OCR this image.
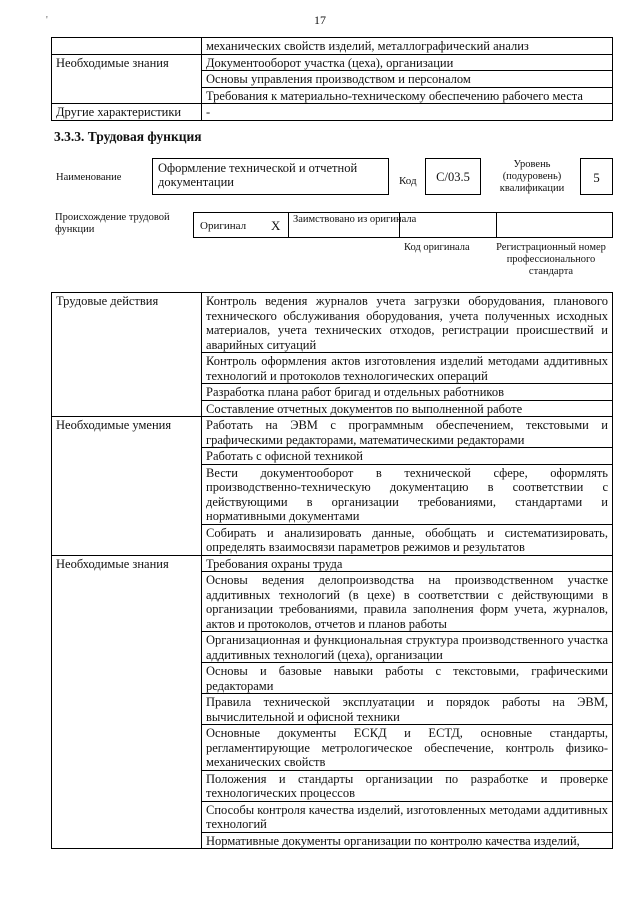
'	17
	механических свойств изделий, металлографический анализ
Необходимые знания	Документооборот участка (цеха), организации
	Основы управления производством и персоналом
	Требования к материально-техническому обеспечению рабочего места
Другие характеристики	-
3.3.3. Трудовая функция
Наименование
Оформление технической и отчетной документации	Код	C/03.5
Уровень (подуровень) квалификации
5
Происхождение трудовой функции	Оригинал X Заимствовано из оригинала
Код оригинала	Регистрационный номер профессионального стандарта
Трудовые действия	Контроль ведения журналов учета загрузки оборудования, планового технического обслуживания оборудования, учета полученных исходных материалов, учета технических отходов, регистрации происшествий и аварийных ситуаций
	Контроль оформления актов изготовления изделий методами аддитивных технологий и протоколов технологических операций
	Разработка плана работ бригад и отдельных работников
	Составление отчетных документов по выполненной работе
Необходимые умения	Работать на ЭВМ с программным обеспечением, текстовыми и графическими редакторами, математическими редакторами
	Работать с офисной техникой
	Вести документооборот в технической сфере, оформлять производственно-техническую документацию в соответствии с действующими в организации требованиями, стандартами и нормативными документами
	Собирать и анализировать данные, обобщать и систематизировать, определять взаимосвязи параметров режимов и результатов
Необходимые знания	Требования охраны труда
	Основы ведения делопроизводства на производственном участке аддитивных технологий (в цехе) в соответствии с действующими в организации требованиями, правила заполнения форм учета, журналов, актов и протоколов, отчетов и планов работы
	Организационная и функциональная структура производственного участка аддитивных технологий (цеха), организации
	Основы и базовые навыки работы с текстовыми, графическими редакторами
	Правила технической эксплуатации и порядок работы на ЭВМ, вычислительной и офисной техники
	Основные документы ЕСКД и ЕСТД, основные стандарты, регламентирующие метрологическое обеспечение, контроль физико-механических свойств
	Положения и стандарты организации по разработке и проверке технологических процессов
	Способы контроля качества изделий, изготовленных методами аддитивных технологий
	Нормативные документы организации по контролю качества изделий,
